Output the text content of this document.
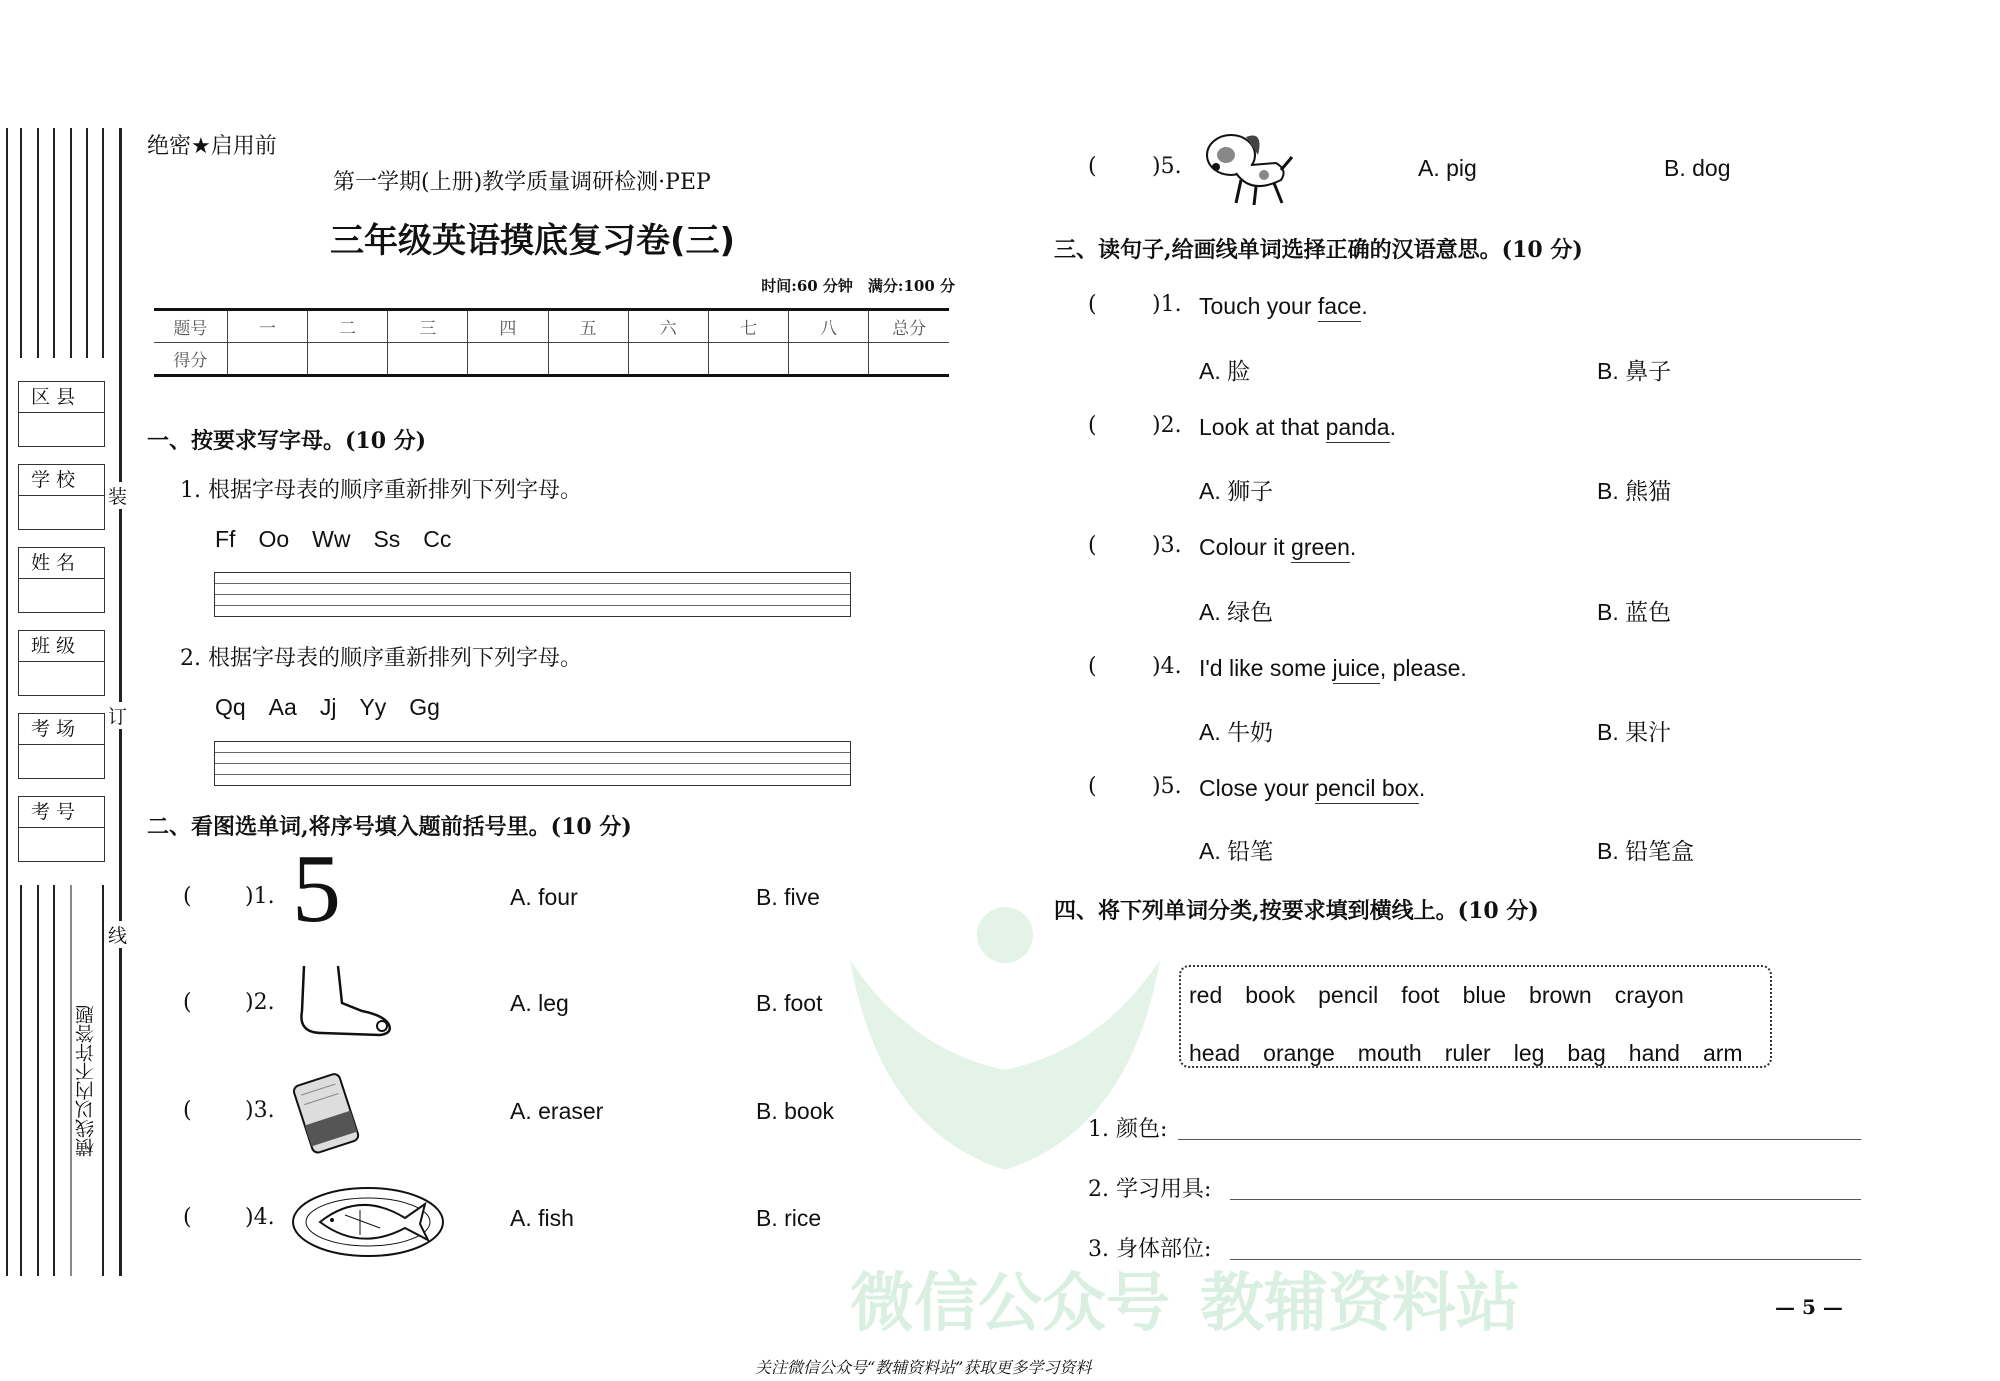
微信公众号 教辅资料站
区 县
学 校
姓 名
班 级
考 场
考 号
装
订
线
横线以内不许答题
绝密★启用前
第一学期(上册)教学质量调研检测·PEP
三年级英语摸底复习卷(三)
时间:60 分钟　满分:100 分
题号	一	二	三	四	五	六	七	八	总分
得分									
一、按要求写字母。(10 分)
1. 根据字母表的顺序重新排列下列字母。
Ff　Oo　Ww　Ss　Cc
2. 根据字母表的顺序重新排列下列字母。
Qq　Aa　Jj　Yy　Gg
二、看图选单词,将序号填入题前括号里。(10 分)
( )1. 5	A. four	B. five
( )2.	A. leg	B. foot
( )3.	A. eraser	B. book
( )4.	A. fish	B. rice
(	)5.	A. pig	B. dog
三、读句子,给画线单词选择正确的汉语意思。(10 分)
(	)1. Touch your face.
A. 脸	B. 鼻子
(	)2. Look at that panda.
A. 狮子	B. 熊猫
(	)3. Colour it green.
A. 绿色	B. 蓝色
(	)4. I'd like some juice, please.
A. 牛奶	B. 果汁
(	)5. Close your pencil box.
A. 铅笔	B. 铅笔盒
四、将下列单词分类,按要求填到横线上。(10 分)
red　book　pencil　foot　blue　brown　crayon
head　orange　mouth　ruler　leg　bag　hand　arm
1. 颜色:
2. 学习用具:
3. 身体部位:
— 5 —
关注微信公众号“教辅资料站”获取更多学习资料
